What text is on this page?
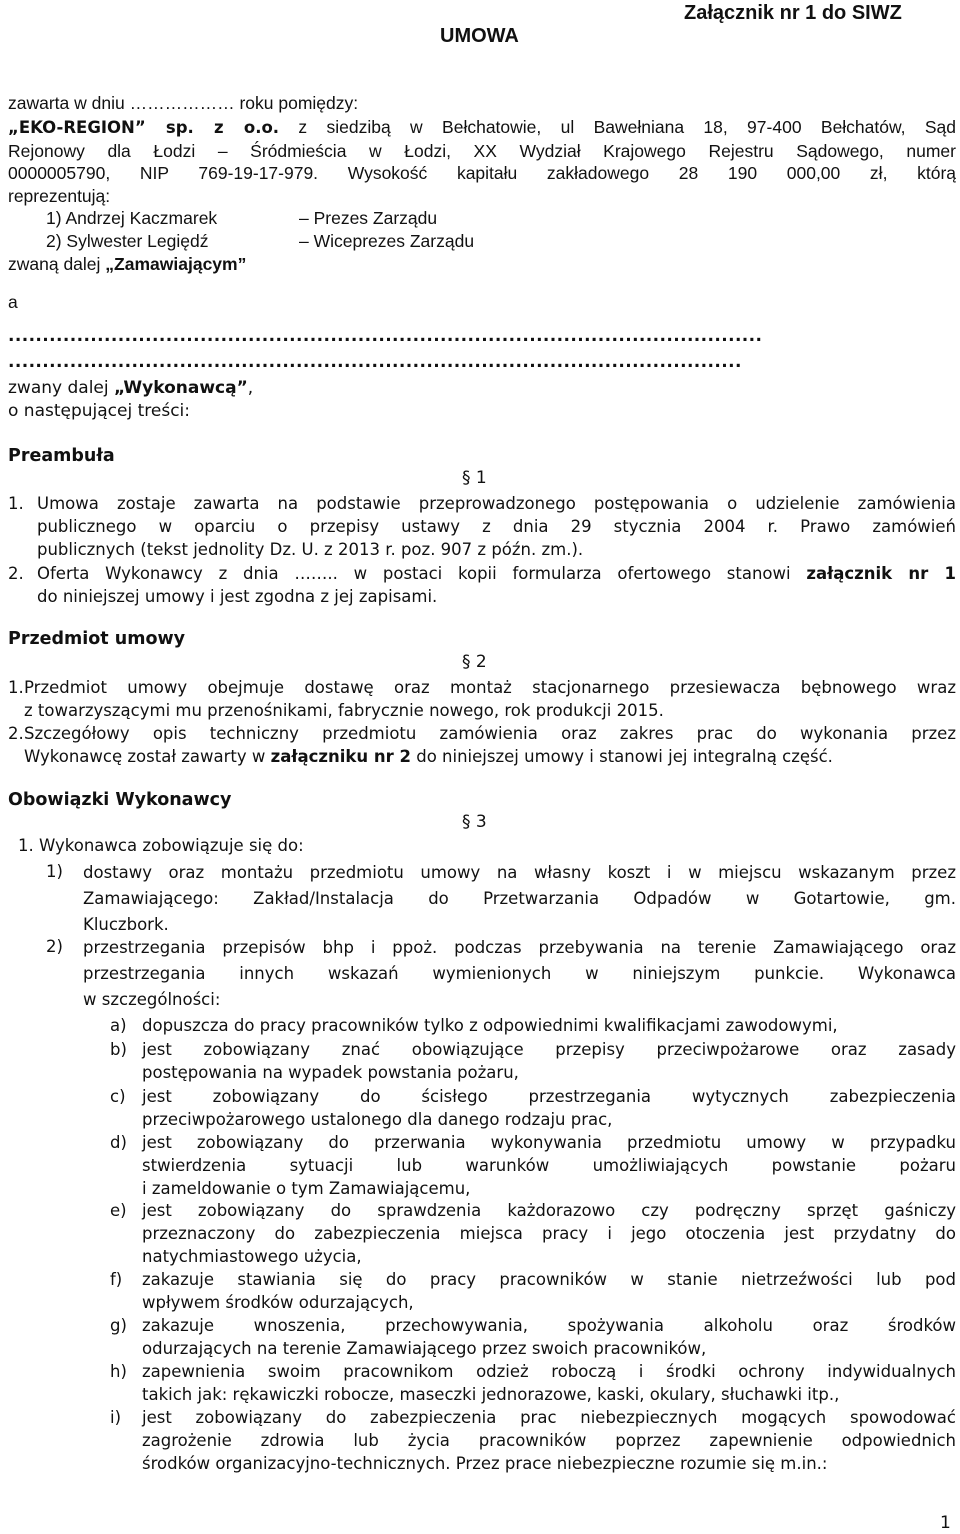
Załącznik nr 1 do SIWZ
UMOWA
zawarta w dniu ……………… roku pomiędzy:
„EKO-REGION” sp. z o.o. z siedzibą w Bełchatowie, ul Bawełniana 18, 97-400 Bełchatów, Sąd
Rejonowy dla Łodzi – Śródmieścia w Łodzi, XX Wydział Krajowego Rejestru Sądowego, numer
0000005790, NIP 769-19-17-979. Wysokość kapitału zakładowego 28 190 000,00 zł, którą
reprezentują:
1) Andrzej Kaczmarek	– Prezes Zarządu
2) Sylwester Legiędź	– Wiceprezes Zarządu
zwaną dalej „Zamawiającym”
a
..............................................................................................................
...........................................................................................................
zwany dalej „Wykonawcą”,
o następującej treści:
Preambuła
§ 1
1. Umowa zostaje zawarta na podstawie przeprowadzonego postępowania o udzielenie zamówienia
publicznego w oparciu o przepisy ustawy z dnia 29 stycznia 2004 r. Prawo zamówień
publicznych (tekst jednolity Dz. U. z 2013 r. poz. 907 z późn. zm.).
2. Oferta Wykonawcy z dnia …….. w postaci kopii formularza ofertowego stanowi załącznik nr 1
do niniejszej umowy i jest zgodna z jej zapisami.
Przedmiot umowy
§ 2
1. Przedmiot umowy obejmuje dostawę oraz montaż stacjonarnego przesiewacza bębnowego wraz
z towarzyszącymi mu przenośnikami, fabrycznie nowego, rok produkcji 2015.
2. Szczegółowy opis techniczny przedmiotu zamówienia oraz zakres prac do wykonania przez
Wykonawcę został zawarty w załączniku nr 2 do niniejszej umowy i stanowi jej integralną część.
Obowiązki Wykonawcy
§ 3
1. Wykonawca zobowiązuje się do:
1) dostawy oraz montażu przedmiotu umowy na własny koszt i w miejscu wskazanym przez
Zamawiającego: Zakład/Instalacja do Przetwarzania Odpadów w Gotartowie, gm.
Kluczbork.
2) przestrzegania przepisów bhp i ppoż. podczas przebywania na terenie Zamawiającego oraz
przestrzegania innych wskazań wymienionych w niniejszym punkcie. Wykonawca
w szczególności:
a) dopuszcza do pracy pracowników tylko z odpowiednimi kwalifikacjami zawodowymi,
b) jest zobowiązany znać obowiązujące przepisy przeciwpożarowe oraz zasady
postępowania na wypadek powstania pożaru,
c) jest zobowiązany do ścisłego przestrzegania wytycznych zabezpieczenia
przeciwpożarowego ustalonego dla danego rodzaju prac,
d) jest zobowiązany do przerwania wykonywania przedmiotu umowy w przypadku
stwierdzenia sytuacji lub warunków umożliwiających powstanie pożaru
i zameldowanie o tym Zamawiającemu,
e) jest zobowiązany do sprawdzenia każdorazowo czy podręczny sprzęt gaśniczy
przeznaczony do zabezpieczenia miejsca pracy i jego otoczenia jest przydatny do
natychmiastowego użycia,
f) zakazuje stawiania się do pracy pracowników w stanie nietrzeźwości lub pod
wpływem środków odurzających,
g) zakazuje wnoszenia, przechowywania, spożywania alkoholu oraz środków
odurzających na terenie Zamawiającego przez swoich pracowników,
h) zapewnienia swoim pracownikom odzież roboczą i środki ochrony indywidualnych
takich jak: rękawiczki robocze, maseczki jednorazowe, kaski, okulary, słuchawki itp.,
i) jest zobowiązany do zabezpieczenia prac niebezpiecznych mogących spowodować
zagrożenie zdrowia lub życia pracowników poprzez zapewnienie odpowiednich
środków organizacyjno-technicznych. Przez prace niebezpieczne rozumie się m.in.:
1
